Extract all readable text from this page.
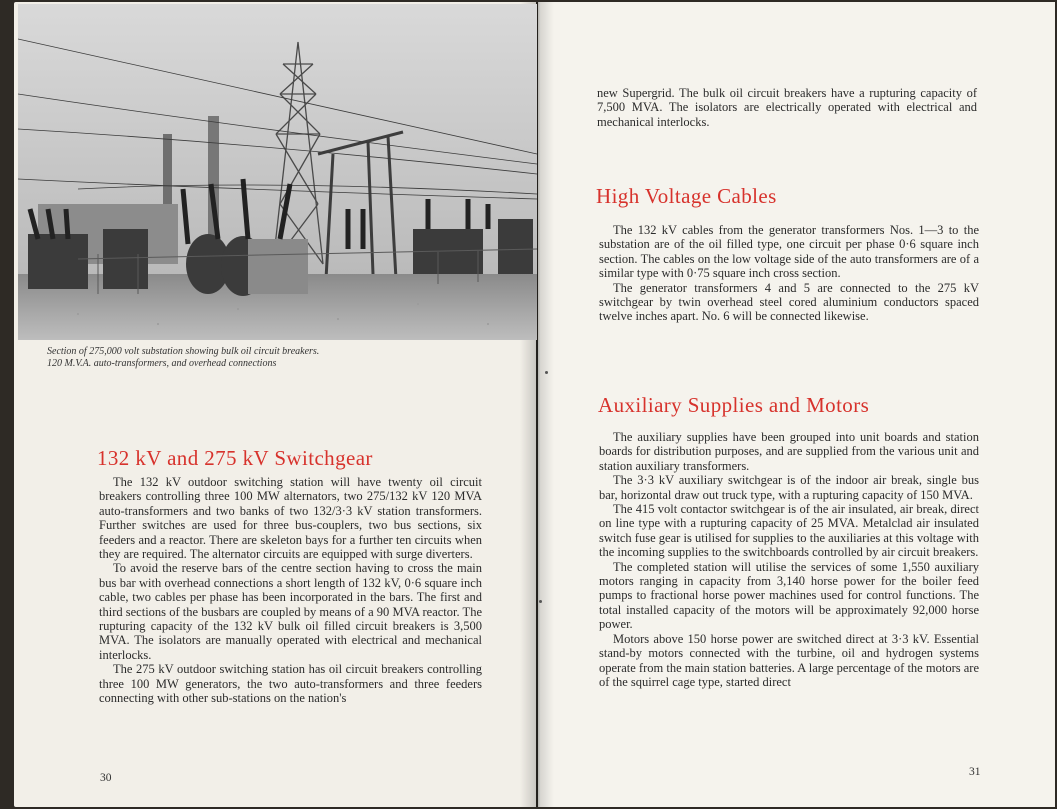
Section of 275,000 volt substation showing bulk oil circuit breakers.
120 M.V.A. auto-transformers, and overhead connections
132 kV and 275 kV Switchgear

The 132 kV outdoor switching station will have twenty oil circuit breakers controlling three 100 MW alternators, two 275/132 kV 120 MVA auto-transformers and two banks of two 132/3·3 kV station transformers. Further switches are used for three bus-couplers, two bus sections, six feeders and a reactor. There are skeleton bays for a further ten circuits when they are required. The alternator circuits are equipped with surge diverters.

To avoid the reserve bars of the centre section having to cross the main bus bar with overhead connections a short length of 132 kV, 0·6 square inch cable, two cables per phase has been incorporated in the bars. The first and third sections of the busbars are coupled by means of a 90 MVA reactor. The rupturing capacity of the 132 kV bulk oil filled circuit breakers is 3,500 MVA. The isolators are manually operated with electrical and mechanical interlocks.

The 275 kV outdoor switching station has oil circuit breakers controlling three 100 MW generators, the two auto-transformers and three feeders connecting with other sub-stations on the nation's

30

new Supergrid. The bulk oil circuit breakers have a rupturing capacity of 7,500 MVA. The isolators are electrically operated with electrical and mechanical interlocks.

High Voltage Cables

The 132 kV cables from the generator transformers Nos. 1—3 to the substation are of the oil filled type, one circuit per phase 0·6 square inch section. The cables on the low voltage side of the auto transformers are of a similar type with 0·75 square inch cross section.

The generator transformers 4 and 5 are connected to the 275 kV switchgear by twin overhead steel cored aluminium conductors spaced twelve inches apart. No. 6 will be connected likewise.

Auxiliary Supplies and Motors

The auxiliary supplies have been grouped into unit boards and station boards for distribution purposes, and are supplied from the various unit and station auxiliary transformers.

The 3·3 kV auxiliary switchgear is of the indoor air break, single bus bar, horizontal draw out truck type, with a rupturing capacity of 150 MVA.

The 415 volt contactor switchgear is of the air insulated, air break, direct on line type with a rupturing capacity of 25 MVA. Metalclad air insulated switch fuse gear is utilised for supplies to the auxiliaries at this voltage with the incoming supplies to the switchboards controlled by air circuit breakers.

The completed station will utilise the services of some 1,550 auxiliary motors ranging in capacity from 3,140 horse power for the boiler feed pumps to fractional horse power machines used for control functions. The total installed capacity of the motors will be approximately 92,000 horse power.

Motors above 150 horse power are switched direct at 3·3 kV. Essential stand-by motors connected with the turbine, oil and hydrogen systems operate from the main station batteries. A large percentage of the motors are of the squirrel cage type, started direct

31
